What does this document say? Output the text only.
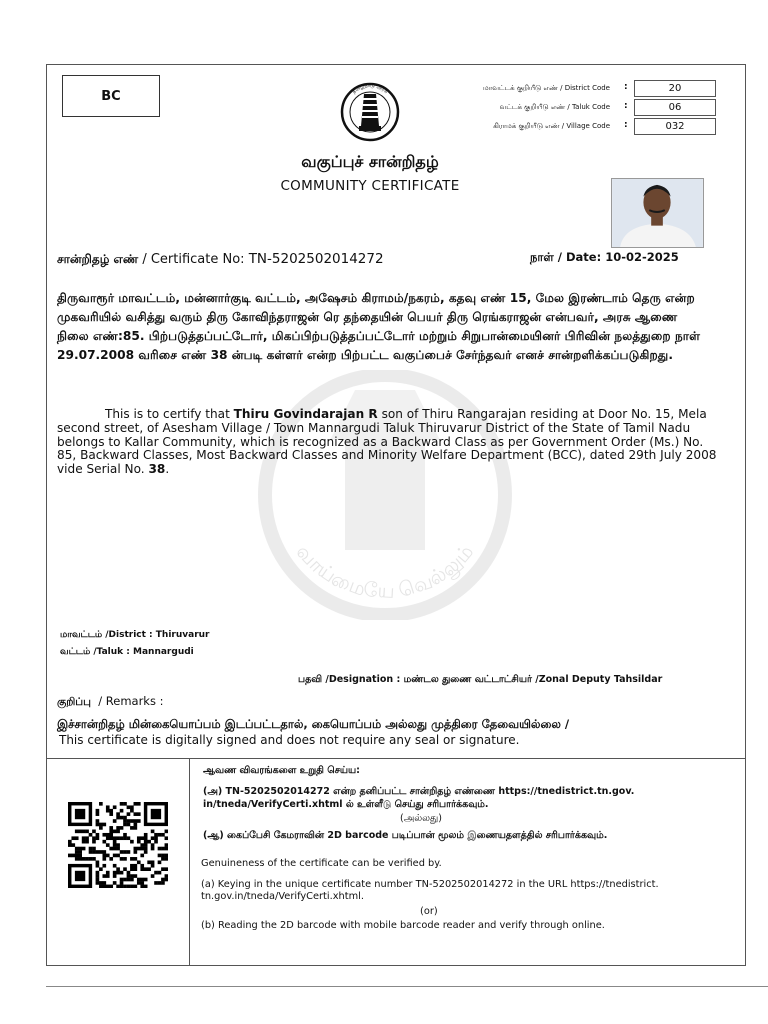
வாய்மையே வெல்லும்
BC	தமிழ்நாடு அரசு
வகுப்புச் சான்றிதழ்
COMMUNITY CERTIFICATE
மாவட்டக் குறியீடு எண் / District Code :	20
வட்டக் குறியீடு எண் / Taluk Code :	06
கிராமக் குறியீடு எண் / Village Code :	032
சான்றிதழ் எண் / Certificate No: TN-5202502014272	நாள் / Date: 10-02-2025
திருவாரூர் மாவட்டம், மன்னார்குடி வட்டம், அஷேசம் கிராமம்/நகரம், கதவு எண் 15, மேல இரண்டாம் தெரு என்ற முகவரியில் வசித்து வரும் திரு கோவிந்தராஜன் ரெ தந்தையின் பெயர் திரு ரெங்கராஜன் என்பவர், அரசு ஆணை நிலை எண்:85. பிற்படுத்தப்பட்டோர், மிகப்பிற்படுத்தப்பட்டோர் மற்றும் சிறுபான்மையினர் பிரிவின் நலத்துறை நாள் 29.07.2008 வரிசை எண் 38 ன்படி கள்ளர் என்ற பிற்பட்ட வகுப்பைச் சேர்ந்தவர் எனச் சான்றளிக்கப்படுகிறது.
This is to certify that Thiru Govindarajan R son of Thiru Rangarajan residing at Door No. 15, Mela second street, of Asesham Village / Town Mannargudi Taluk Thiruvarur District of the State of Tamil Nadu belongs to Kallar Community, which is recognized as a Backward Class as per Government Order (Ms.) No. 85, Backward Classes, Most Backward Classes and Minority Welfare Department (BCC), dated 29th July 2008 vide Serial No. 38.
மாவட்டம் /District : Thiruvarur
வட்டம் /Taluk : Mannargudi
பதவி /Designation : மண்டல துணை வட்டாட்சியர் /Zonal Deputy Tahsildar
குறிப்பு / Remarks :
இச்சான்றிதழ் மின்கையொப்பம் இடப்பட்டதால், கையொப்பம் அல்லது முத்திரை தேவையில்லை /
This certificate is digitally signed and does not require any seal or signature.
ஆவண விவரங்களை உறுதி செய்ய:
(அ) TN-5202502014272 என்ற தனிப்பட்ட சான்றிதழ் எண்ணை https://tnedistrict.tn.gov.
in/tneda/VerifyCerti.xhtml ல் உள்ளீடு செய்து சரிபார்க்கவும்.
(அல்லது)
(ஆ) கைப்பேசி கேமராவின் 2D barcode படிப்பான் மூலம் இணையதளத்தில் சரிபார்க்கவும்.
Genuineness of the certificate can be verified by.
(a) Keying in the unique certificate number TN-5202502014272 in the URL https://tnedistrict.
tn.gov.in/tneda/VerifyCerti.xhtml.
(or)
(b) Reading the 2D barcode with mobile barcode reader and verify through online.
